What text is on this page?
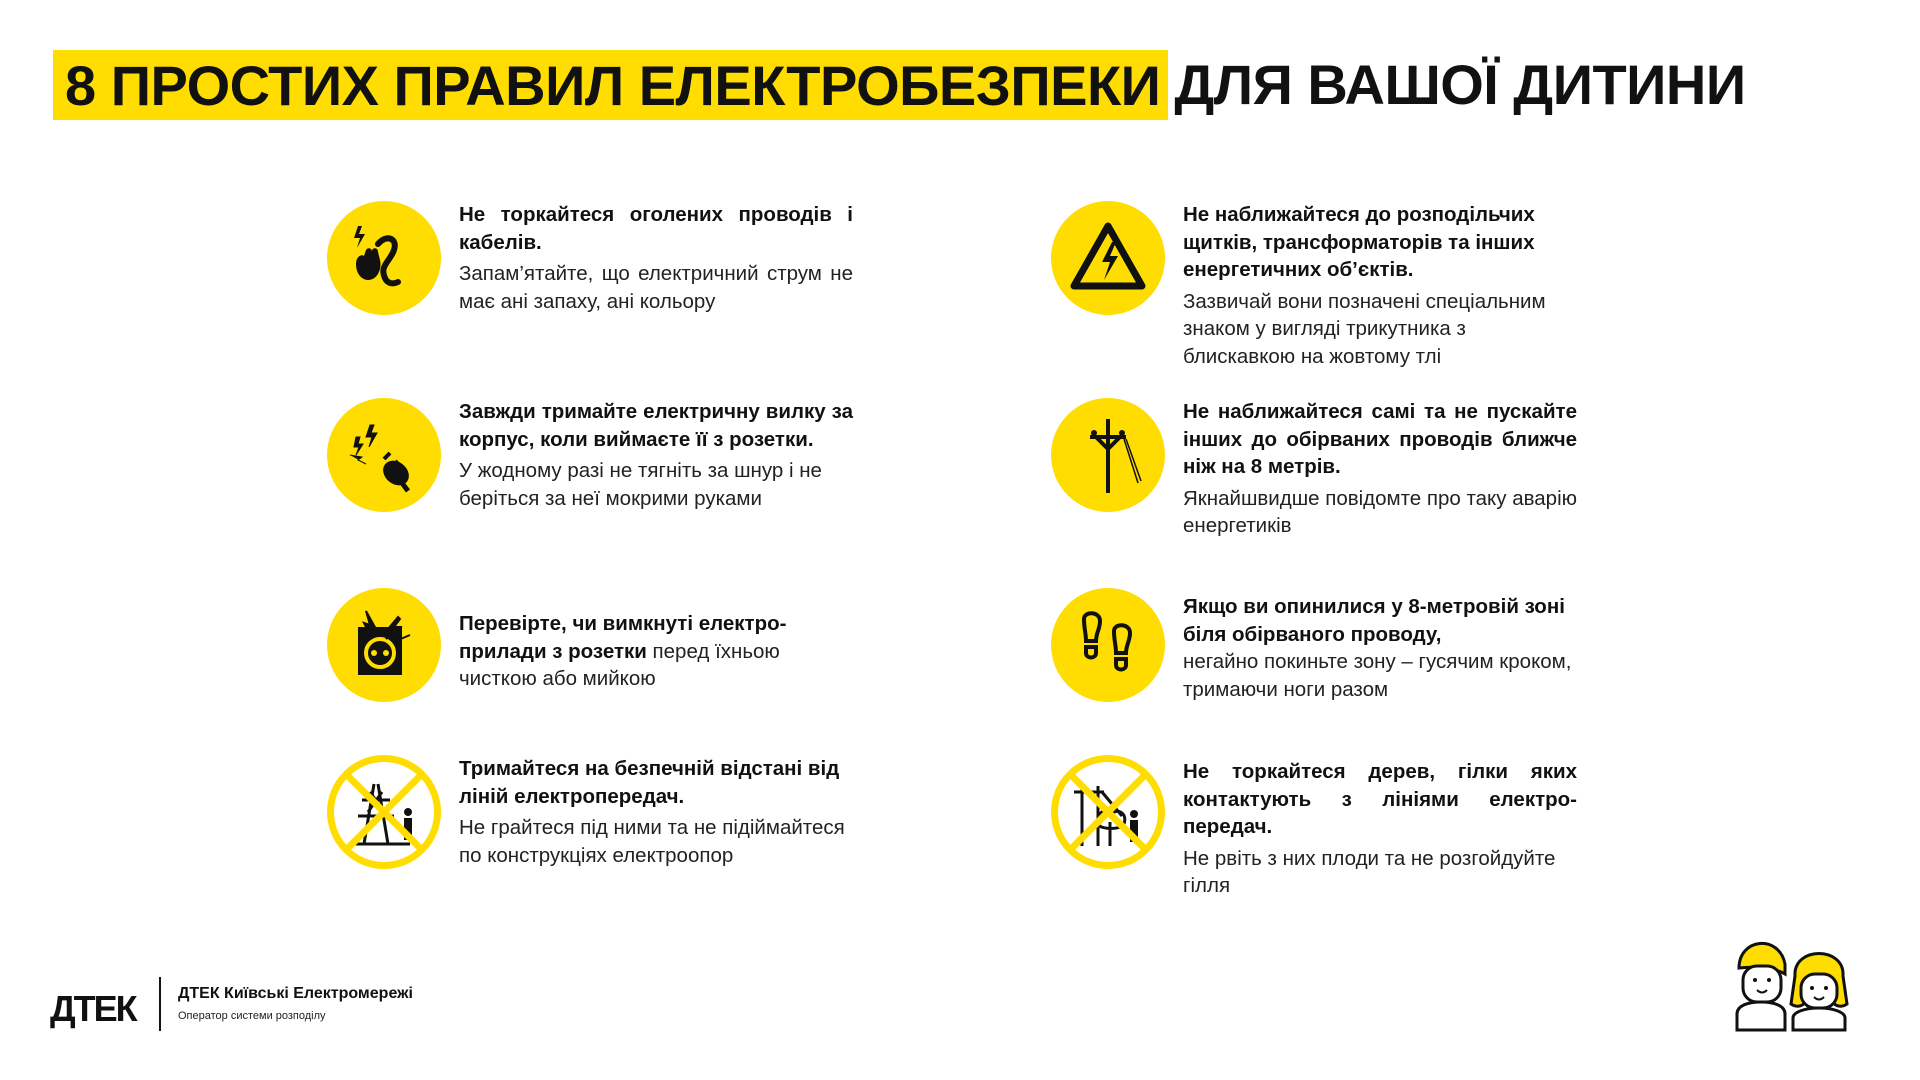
8 ПРОСТИХ ПРАВИЛ ЕЛЕКТРОБЕЗПЕКИ ДЛЯ ВАШОЇ ДИТИНИ
Не торкайтеся оголених проводів і кабелів.
Запам’ятайте, що електричний струм не має ані запаху, ані кольору
Завжди тримайте електричну вилку за корпус, коли виймаєте її з розетки.
У жодному разі не тягніть за шнур і не беріться за неї мокрими руками
Перевірте, чи вимкнуті електро-прилади з розетки перед їхньою чисткою або мийкою
Тримайтеся на безпечній відстані від ліній електропередач.
Не грайтеся під ними та не підіймайтеся по конструкціях електроопор
Не наближайтеся до розподільчих щитків, трансформаторів та інших енергетичних об’єктів.
Зазвичай вони позначені спеціальним знаком у вигляді трикутника з блискавкою на жовтому тлі
Не наближайтеся самі та не пускайте інших до обірваних проводів ближче ніж на 8 метрів.
Якнайшвидше повідомте про таку аварію енергетиків
Якщо ви опинилися у 8-метровій зоні біля обірваного проводу,
негайно покиньте зону – гусячим кроком, тримаючи ноги разом
Не торкайтеся дерев, гілки яких контактують з лініями електро-передач.
Не рвіть з них плоди та не розгойдуйте гілля
ДТЕК	ДТЕК Київські Електромережі
Оператор системи розподілу
